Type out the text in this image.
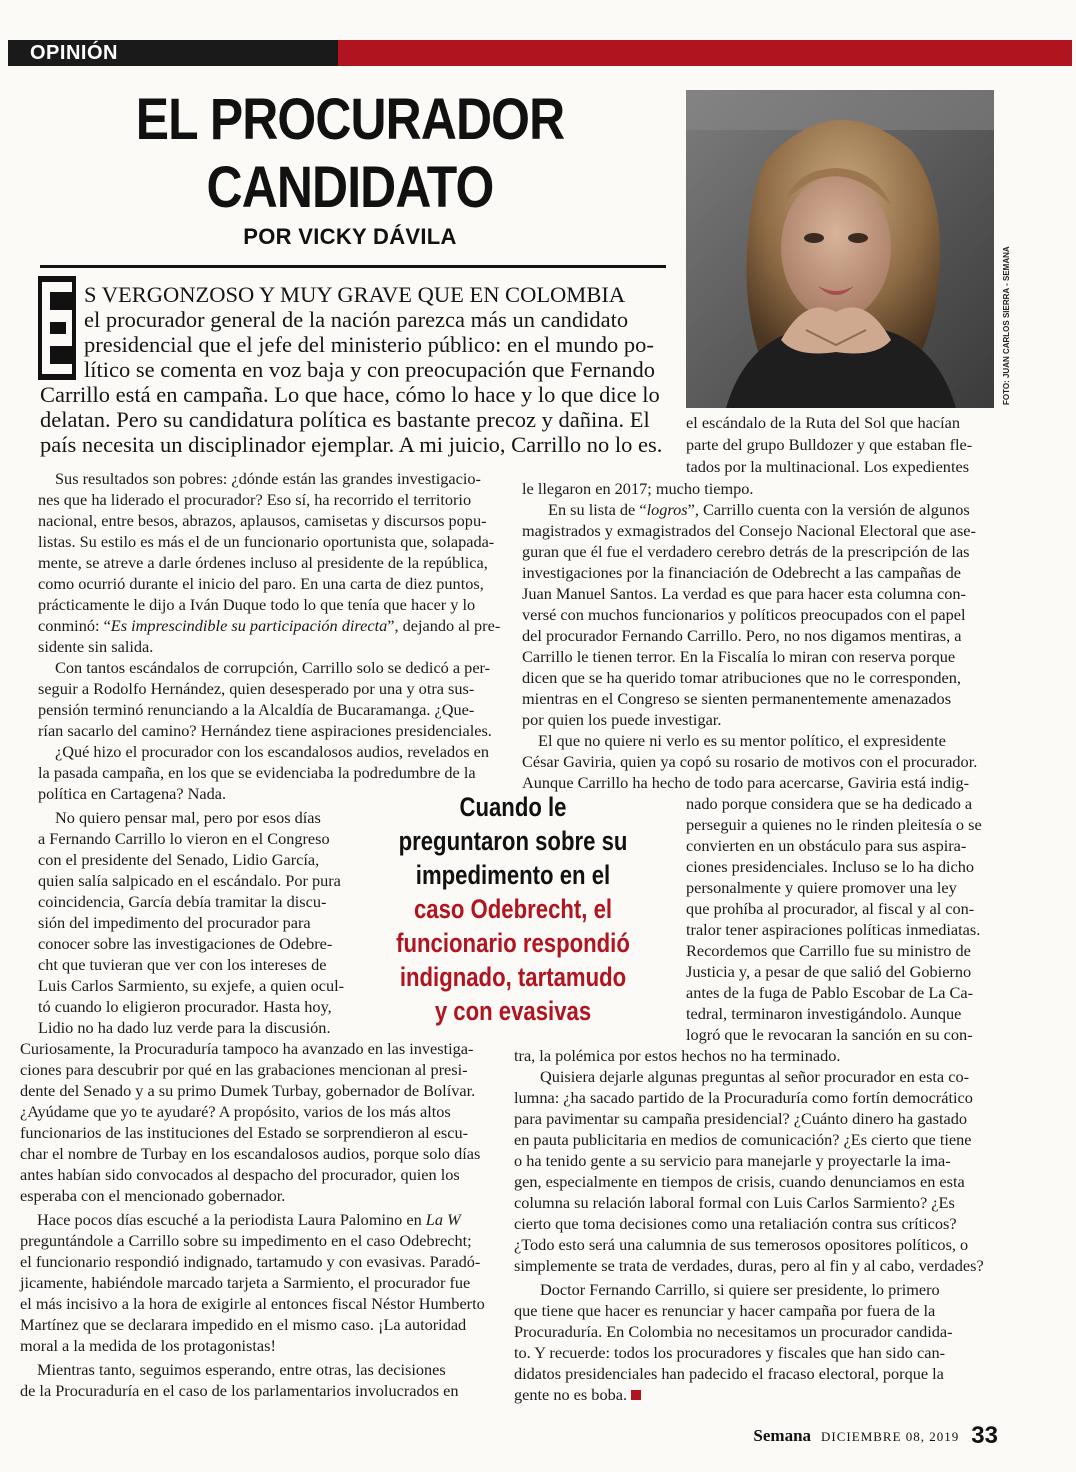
OPINIÓN
EL PROCURADOR
CANDIDATO
POR VICKY DÁVILA
FOTO: JUAN CARLOS SIERRA - SEMANA
S VERGONZOSO Y MUY GRAVE QUE EN COLOMBIA
el procurador general de la nación parezca más un candidato
presidencial que el jefe del ministerio público: en el mundo po-
lítico se comenta en voz baja y con preocupación que Fernando
Carrillo está en campaña. Lo que hace, cómo lo hace y lo que dice lo
delatan. Pero su candidatura política es bastante precoz y dañina. El
país necesita un disciplinador ejemplar. A mi juicio, Carrillo no lo es.
Sus resultados son pobres: ¿dónde están las grandes investigacio-
nes que ha liderado el procurador? Eso sí, ha recorrido el territorio
nacional, entre besos, abrazos, aplausos, camisetas y discursos popu-
listas. Su estilo es más el de un funcionario oportunista que, solapada-
mente, se atreve a darle órdenes incluso al presidente de la república,
como ocurrió durante el inicio del paro. En una carta de diez puntos,
prácticamente le dijo a Iván Duque todo lo que tenía que hacer y lo
conminó: “Es imprescindible su participación directa”, dejando al pre-
sidente sin salida.
Con tantos escándalos de corrupción, Carrillo solo se dedicó a per-
seguir a Rodolfo Hernández, quien desesperado por una y otra sus-
pensión terminó renunciando a la Alcaldía de Bucaramanga. ¿Que-
rían sacarlo del camino? Hernández tiene aspiraciones presidenciales.
¿Qué hizo el procurador con los escandalosos audios, revelados en
la pasada campaña, en los que se evidenciaba la podredumbre de la
política en Cartagena? Nada.
No quiero pensar mal, pero por esos días
a Fernando Carrillo lo vieron en el Congreso
con el presidente del Senado, Lidio García,
quien salía salpicado en el escándalo. Por pura
coincidencia, García debía tramitar la discu-
sión del impedimento del procurador para
conocer sobre las investigaciones de Odebre-
cht que tuvieran que ver con los intereses de
Luis Carlos Sarmiento, su exjefe, a quien ocul-
tó cuando lo eligieron procurador. Hasta hoy,
Lidio no ha dado luz verde para la discusión.
Curiosamente, la Procuraduría tampoco ha avanzado en las investiga-
ciones para descubrir por qué en las grabaciones mencionan al presi-
dente del Senado y a su primo Dumek Turbay, gobernador de Bolívar.
¿Ayúdame que yo te ayudaré? A propósito, varios de los más altos
funcionarios de las instituciones del Estado se sorprendieron al escu-
char el nombre de Turbay en los escandalosos audios, porque solo días
antes habían sido convocados al despacho del procurador, quien los
esperaba con el mencionado gobernador.
Hace pocos días escuché a la periodista Laura Palomino en La W
preguntándole a Carrillo sobre su impedimento en el caso Odebrecht;
el funcionario respondió indignado, tartamudo y con evasivas. Paradó-
jicamente, habiéndole marcado tarjeta a Sarmiento, el procurador fue
el más incisivo a la hora de exigirle al entonces fiscal Néstor Humberto
Martínez que se declarara impedido en el mismo caso. ¡La autoridad
moral a la medida de los protagonistas!
Mientras tanto, seguimos esperando, entre otras, las decisiones
de la Procuraduría en el caso de los parlamentarios involucrados en
el escándalo de la Ruta del Sol que hacían
parte del grupo Bulldozer y que estaban fle-
tados por la multinacional. Los expedientes
le llegaron en 2017; mucho tiempo.
En su lista de “logros”, Carrillo cuenta con la versión de algunos
magistrados y exmagistrados del Consejo Nacional Electoral que ase-
guran que él fue el verdadero cerebro detrás de la prescripción de las
investigaciones por la financiación de Odebrecht a las campañas de
Juan Manuel Santos. La verdad es que para hacer esta columna con-
versé con muchos funcionarios y políticos preocupados con el papel
del procurador Fernando Carrillo. Pero, no nos digamos mentiras, a
Carrillo le tienen terror. En la Fiscalía lo miran con reserva porque
dicen que se ha querido tomar atribuciones que no le corresponden,
mientras en el Congreso se sienten permanentemente amenazados
por quien los puede investigar.
El que no quiere ni verlo es su mentor político, el expresidente
César Gaviria, quien ya copó su rosario de motivos con el procurador.
Aunque Carrillo ha hecho de todo para acercarse, Gaviria está indig-
nado porque considera que se ha dedicado a
perseguir a quienes no le rinden pleitesía o se
convierten en un obstáculo para sus aspira-
ciones presidenciales. Incluso se lo ha dicho
personalmente y quiere promover una ley
que prohíba al procurador, al fiscal y al con-
tralor tener aspiraciones políticas inmediatas.
Recordemos que Carrillo fue su ministro de
Justicia y, a pesar de que salió del Gobierno
antes de la fuga de Pablo Escobar de La Ca-
tedral, terminaron investigándolo. Aunque
logró que le revocaran la sanción en su con-
tra, la polémica por estos hechos no ha terminado.
Quisiera dejarle algunas preguntas al señor procurador en esta co-
lumna: ¿ha sacado partido de la Procuraduría como fortín democrático
para pavimentar su campaña presidencial? ¿Cuánto dinero ha gastado
en pauta publicitaria en medios de comunicación? ¿Es cierto que tiene
o ha tenido gente a su servicio para manejarle y proyectarle la ima-
gen, especialmente en tiempos de crisis, cuando denunciamos en esta
columna su relación laboral formal con Luis Carlos Sarmiento? ¿Es
cierto que toma decisiones como una retaliación contra sus críticos?
¿Todo esto será una calumnia de sus temerosos opositores políticos, o
simplemente se trata de verdades, duras, pero al fin y al cabo, verdades?
Doctor Fernando Carrillo, si quiere ser presidente, lo primero
que tiene que hacer es renunciar y hacer campaña por fuera de la
Procuraduría. En Colombia no necesitamos un procurador candida-
to. Y recuerde: todos los procuradores y fiscales que han sido can-
didatos presidenciales han padecido el fracaso electoral, porque la
gente no es boba.
Cuando le
preguntaron sobre su
impedimento en el
caso Odebrecht, el
funcionario respondió
indignado, tartamudo
y con evasivas
Semana DICIEMBRE 08, 2019 33
